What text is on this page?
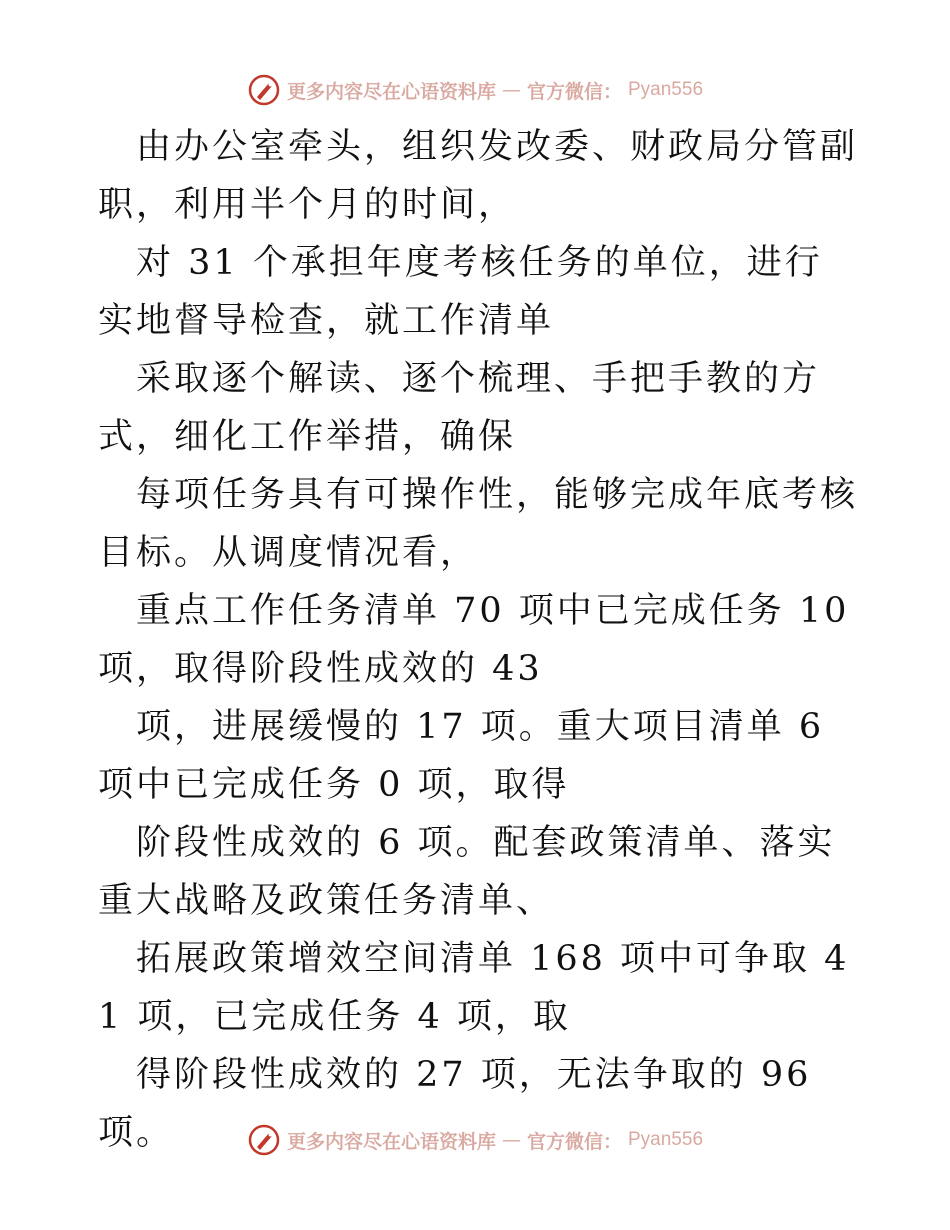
更多内容尽在心语资料库 — 官方微信： Pyan556

由办公室牵头，组织发改委、财政局分管副职，利用半个月的时间，

对 31 个承担年度考核任务的单位，进行实地督导检查，就工作清单

采取逐个解读、逐个梳理、手把手教的方式，细化工作举措，确保

每项任务具有可操作性，能够完成年底考核目标。从调度情况看，

重点工作任务清单 70 项中已完成任务 10 项，取得阶段性成效的 43

项，进展缓慢的 17 项。重大项目清单 6 项中已完成任务 0 项，取得

阶段性成效的 6 项。配套政策清单、落实重大战略及政策任务清单、

拓展政策增效空间清单 168 项中可争取 41 项，已完成任务 4 项，取

得阶段性成效的 27 项，无法争取的 96 项。	更多内容尽在心语资料库 — 官方微信： Pyan556
